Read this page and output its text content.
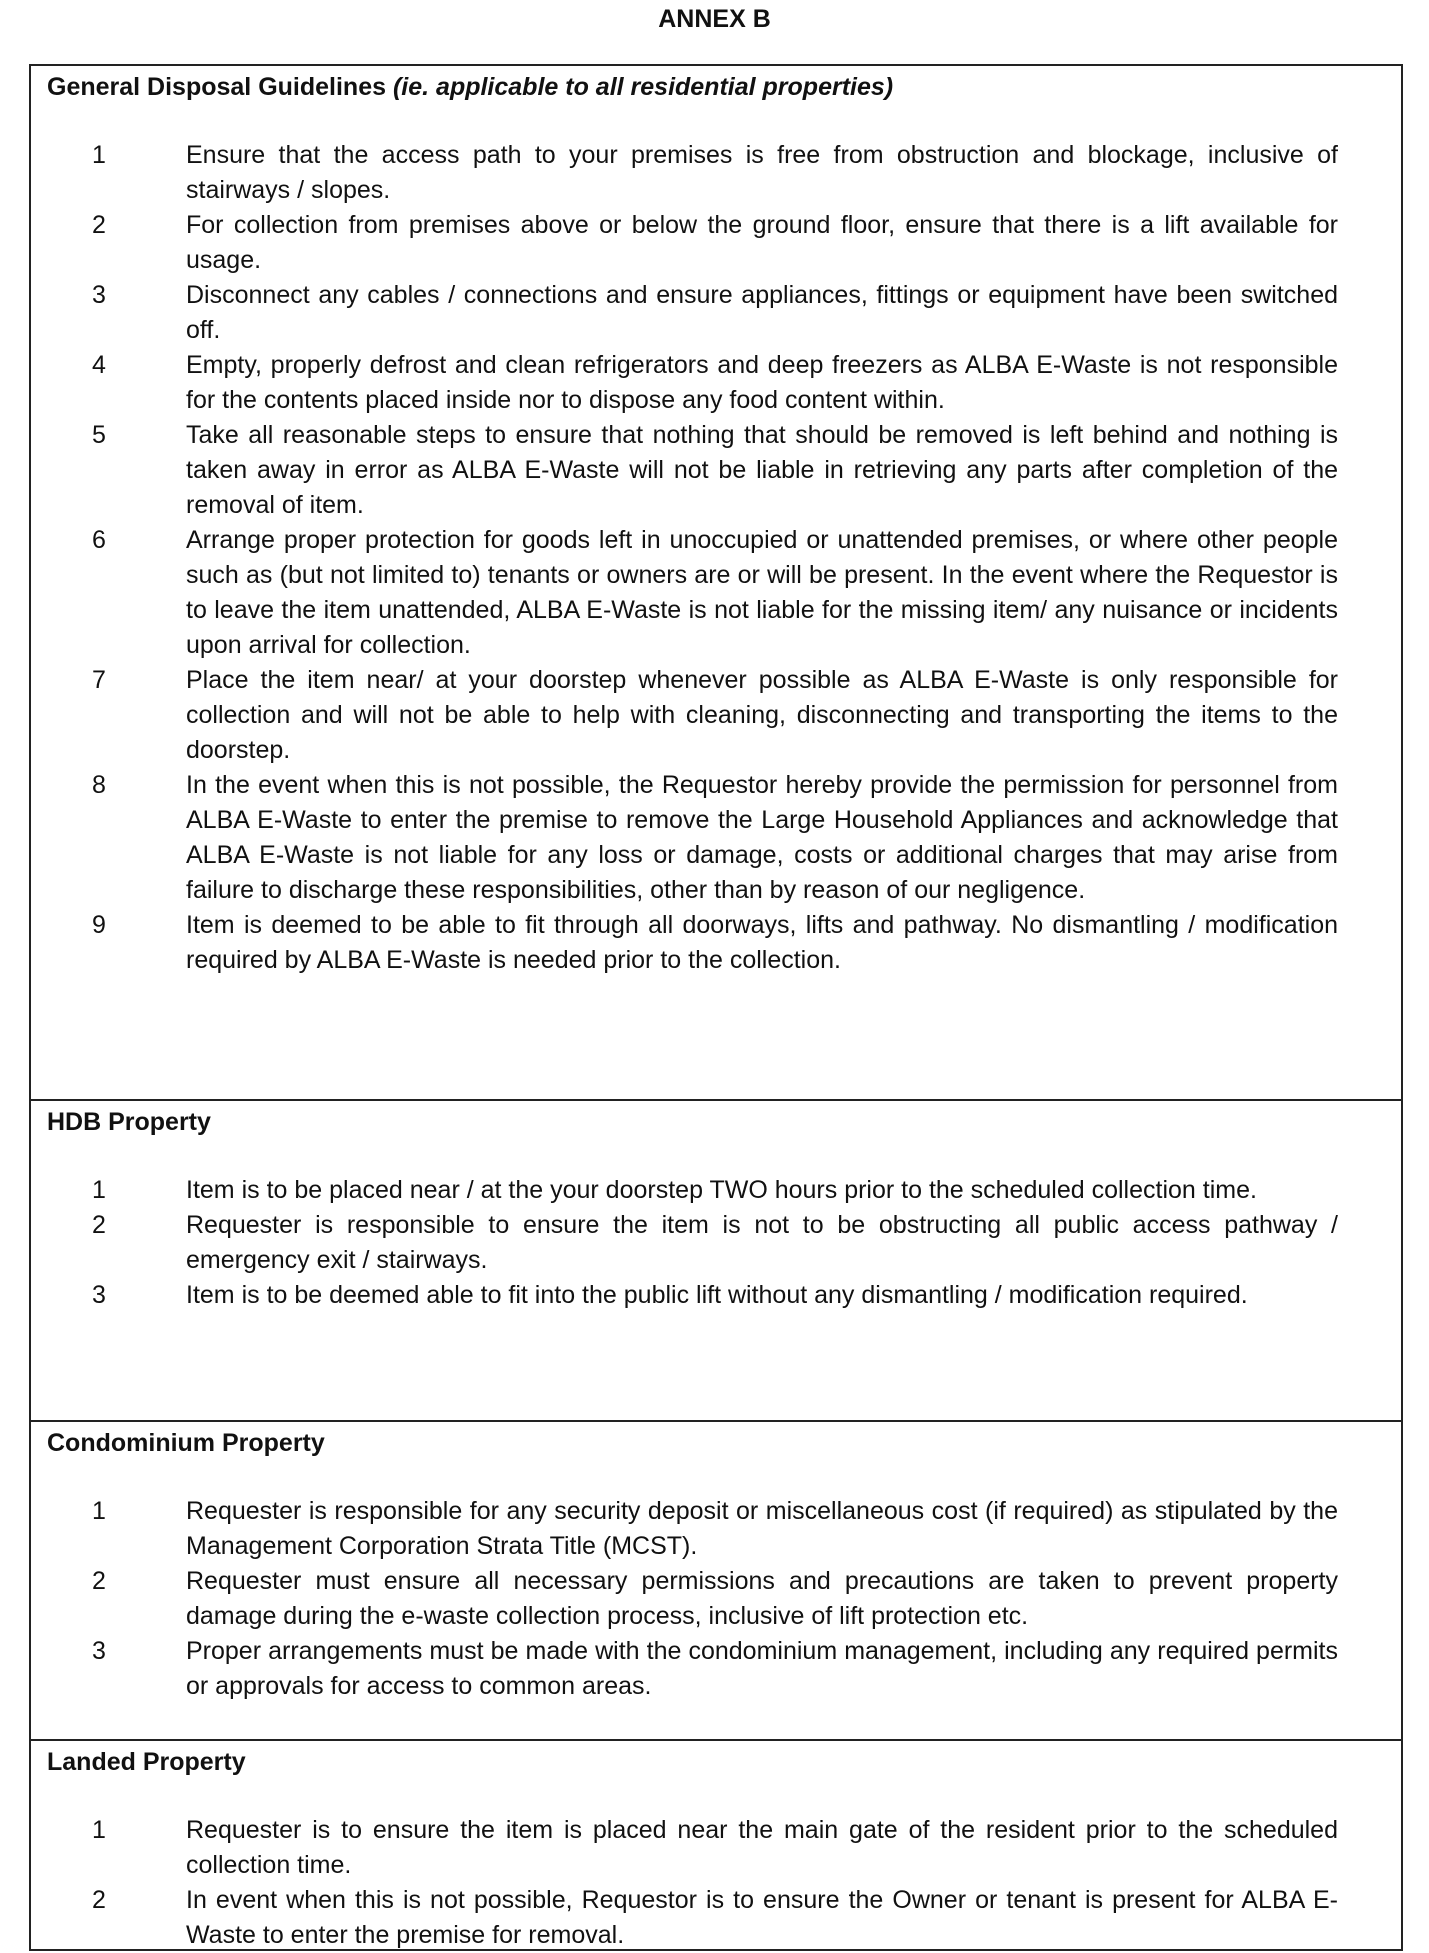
ANNEX B

General Disposal Guidelines (ie. applicable to all residential properties)

1	Ensure that the access path to your premises is free from obstruction and blockage, inclusive of stairways / slopes.
2	For collection from premises above or below the ground floor, ensure that there is a lift available for usage.
3	Disconnect any cables / connections and ensure appliances, fittings or equipment have been switched off.
4	Empty, properly defrost and clean refrigerators and deep freezers as ALBA E-Waste is not responsible for the contents placed inside nor to dispose any food content within.
5	Take all reasonable steps to ensure that nothing that should be removed is left behind and nothing is taken away in error as ALBA E-Waste will not be liable in retrieving any parts after completion of the removal of item.
6	Arrange proper protection for goods left in unoccupied or unattended premises, or where other people such as (but not limited to) tenants or owners are or will be present. In the event where the Requestor is to leave the item unattended, ALBA E-Waste is not liable for the missing item/ any nuisance or incidents upon arrival for collection.
7	Place the item near/ at your doorstep whenever possible as ALBA E-Waste is only responsible for collection and will not be able to help with cleaning, disconnecting and transporting the items to the doorstep.
8	In the event when this is not possible, the Requestor hereby provide the permission for personnel from ALBA E-Waste to enter the premise to remove the Large Household Appliances and acknowledge that ALBA E-Waste is not liable for any loss or damage, costs or additional charges that may arise from failure to discharge these responsibilities, other than by reason of our negligence.
9	Item is deemed to be able to fit through all doorways, lifts and pathway. No dismantling / modification required by ALBA E-Waste is needed prior to the collection.

HDB Property

1	Item is to be placed near / at the your doorstep TWO hours prior to the scheduled collection time.
2	Requester is responsible to ensure the item is not to be obstructing all public access pathway / emergency exit / stairways.
3	Item is to be deemed able to fit into the public lift without any dismantling / modification required.

Condominium Property

1	Requester is responsible for any security deposit or miscellaneous cost (if required) as stipulated by the Management Corporation Strata Title (MCST).
2	Requester must ensure all necessary permissions and precautions are taken to prevent property damage during the e-waste collection process, inclusive of lift protection etc.
3	Proper arrangements must be made with the condominium management, including any required permits or approvals for access to common areas.

Landed Property

1	Requester is to ensure the item is placed near the main gate of the resident prior to the scheduled collection time.
2	In event when this is not possible, Requestor is to ensure the Owner or tenant is present for ALBA E-Waste to enter the premise for removal.
